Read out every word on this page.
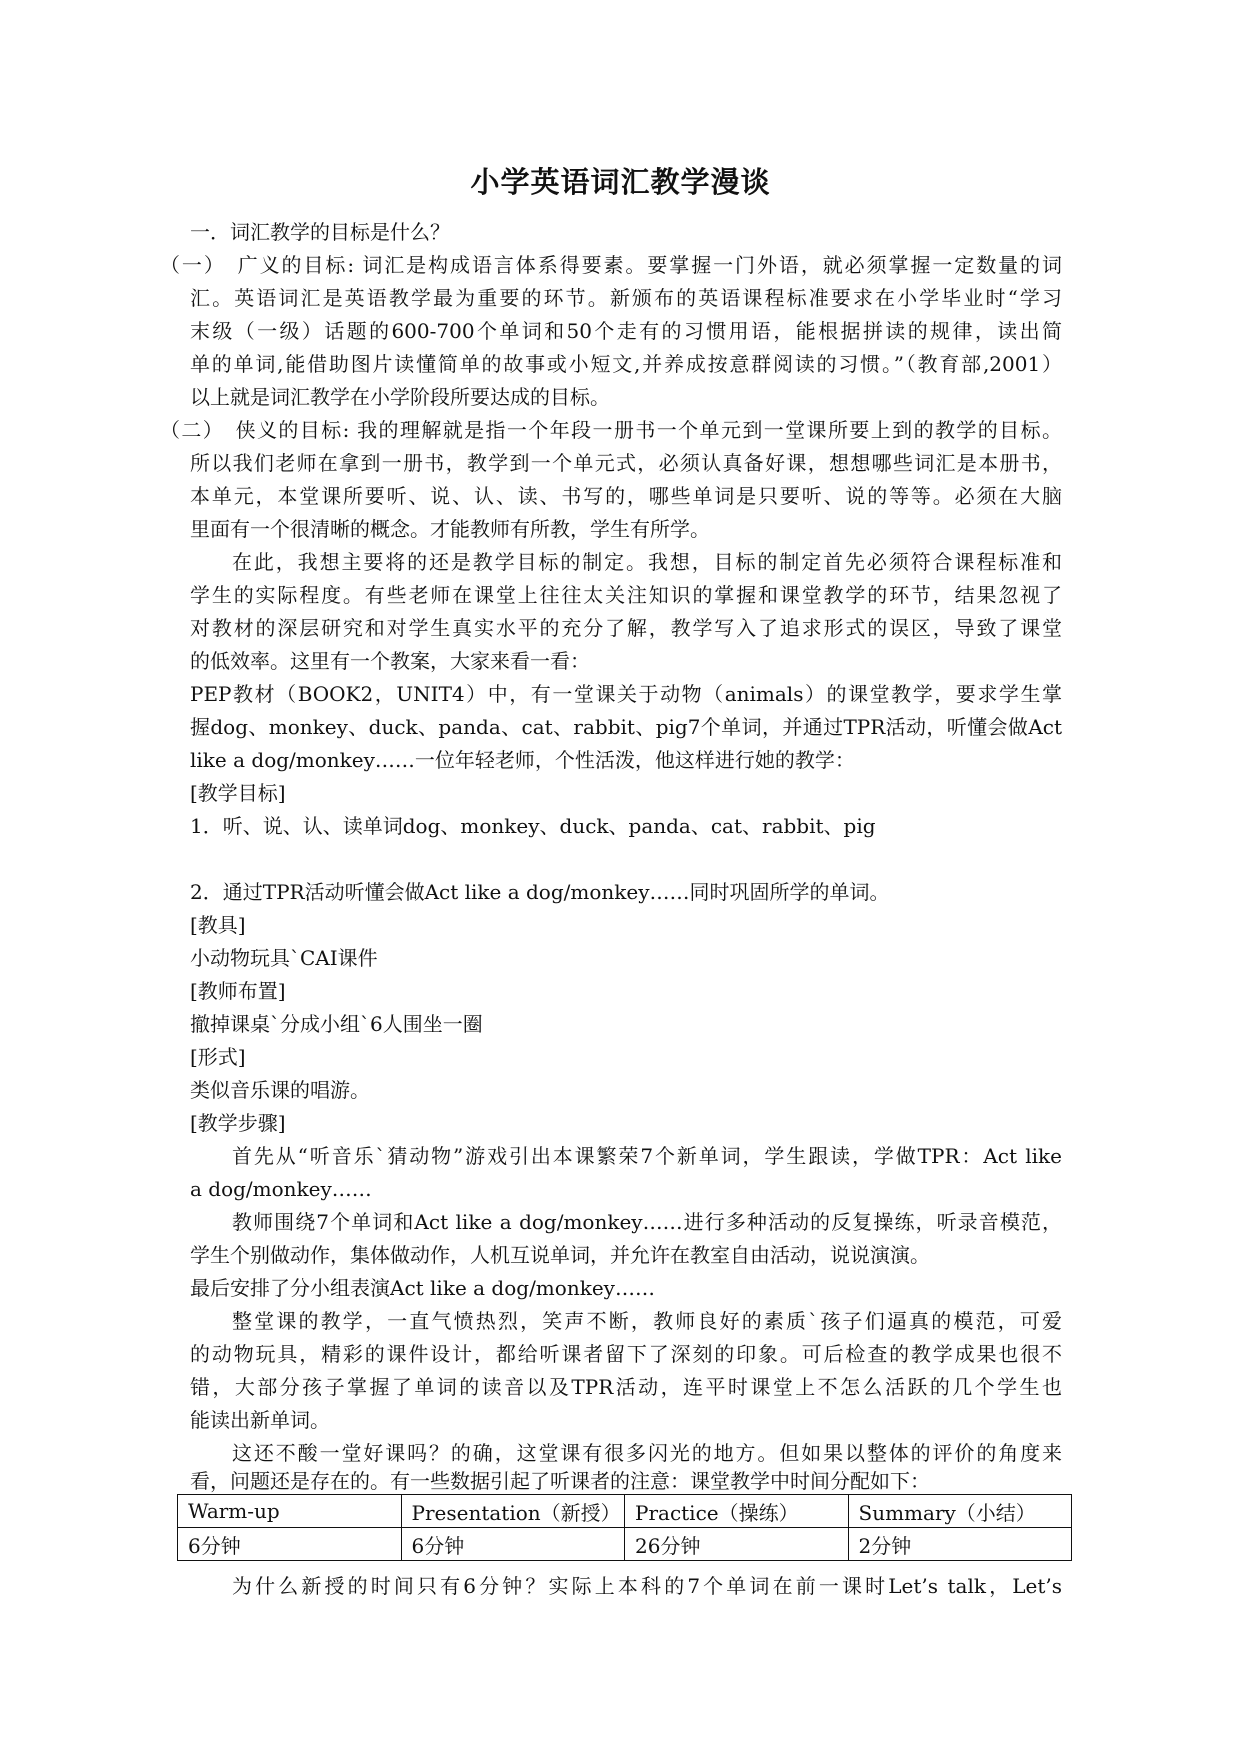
小学英语词汇教学漫谈
一．词汇教学的目标是什么？
（一）　广义的目标: 词汇是构成语言体系得要素。要掌握一门外语，就必须掌握一定数量的词
汇。英语词汇是英语教学最为重要的环节。新颁布的英语课程标准要求在小学毕业时“学习
末级（一级）话题的600-700个单词和50个走有的习惯用语，能根据拼读的规律，读出简
单的单词,能借助图片读懂简单的故事或小短文,并养成按意群阅读的习惯。”（教育部,2001）
以上就是词汇教学在小学阶段所要达成的目标。
（二）　侠义的目标: 我的理解就是指一个年段一册书一个单元到一堂课所要上到的教学的目标。
所以我们老师在拿到一册书，教学到一个单元式，必须认真备好课，想想哪些词汇是本册书，
本单元，本堂课所要听、说、认、读、书写的，哪些单词是只要听、说的等等。必须在大脑
里面有一个很清晰的概念。才能教师有所教，学生有所学。
在此，我想主要将的还是教学目标的制定。我想，目标的制定首先必须符合课程标准和
学生的实际程度。有些老师在课堂上往往太关注知识的掌握和课堂教学的环节，结果忽视了
对教材的深层研究和对学生真实水平的充分了解，教学写入了追求形式的误区，导致了课堂
的低效率。这里有一个教案，大家来看一看：
PEP教材（BOOK2，UNIT4）中，有一堂课关于动物（animals）的课堂教学，要求学生掌
握dog、monkey、duck、panda、cat、rabbit、pig7个单词，并通过TPR活动，听懂会做Act
like a dog/monkey……一位年轻老师，个性活泼，他这样进行她的教学：
[教学目标]
1．听、说、认、读单词dog、monkey、duck、panda、cat、rabbit、pig
2．通过TPR活动听懂会做Act like a dog/monkey……同时巩固所学的单词。
[教具]
小动物玩具`CAI课件
[教师布置]
撤掉课桌`分成小组`6人围坐一圈
[形式]
类似音乐课的唱游。
[教学步骤]
首先从“听音乐`猜动物”游戏引出本课繁荣7个新单词，学生跟读，学做TPR：Act like
a dog/monkey……
教师围绕7个单词和Act like a dog/monkey……进行多种活动的反复操练，听录音模范，
学生个别做动作，集体做动作，人机互说单词，并允许在教室自由活动，说说演演。
最后安排了分小组表演Act like a dog/monkey……
整堂课的教学，一直气愤热烈，笑声不断，教师良好的素质`孩子们逼真的模范，可爱
的动物玩具，精彩的课件设计，都给听课者留下了深刻的印象。可后检查的教学成果也很不
错，大部分孩子掌握了单词的读音以及TPR活动，连平时课堂上不怎么活跃的几个学生也
能读出新单词。
这还不酸一堂好课吗？的确，这堂课有很多闪光的地方。但如果以整体的评价的角度来
看，问题还是存在的。有一些数据引起了听课者的注意：课堂教学中时间分配如下：
Warm-up	Presentation（新授）	Practice（操练）	Summary（小结）
6分钟	6分钟	26分钟	2分钟
为什么新授的时间只有6分钟？实际上本科的7个单词在前一课时Let’s talk，Let’s
